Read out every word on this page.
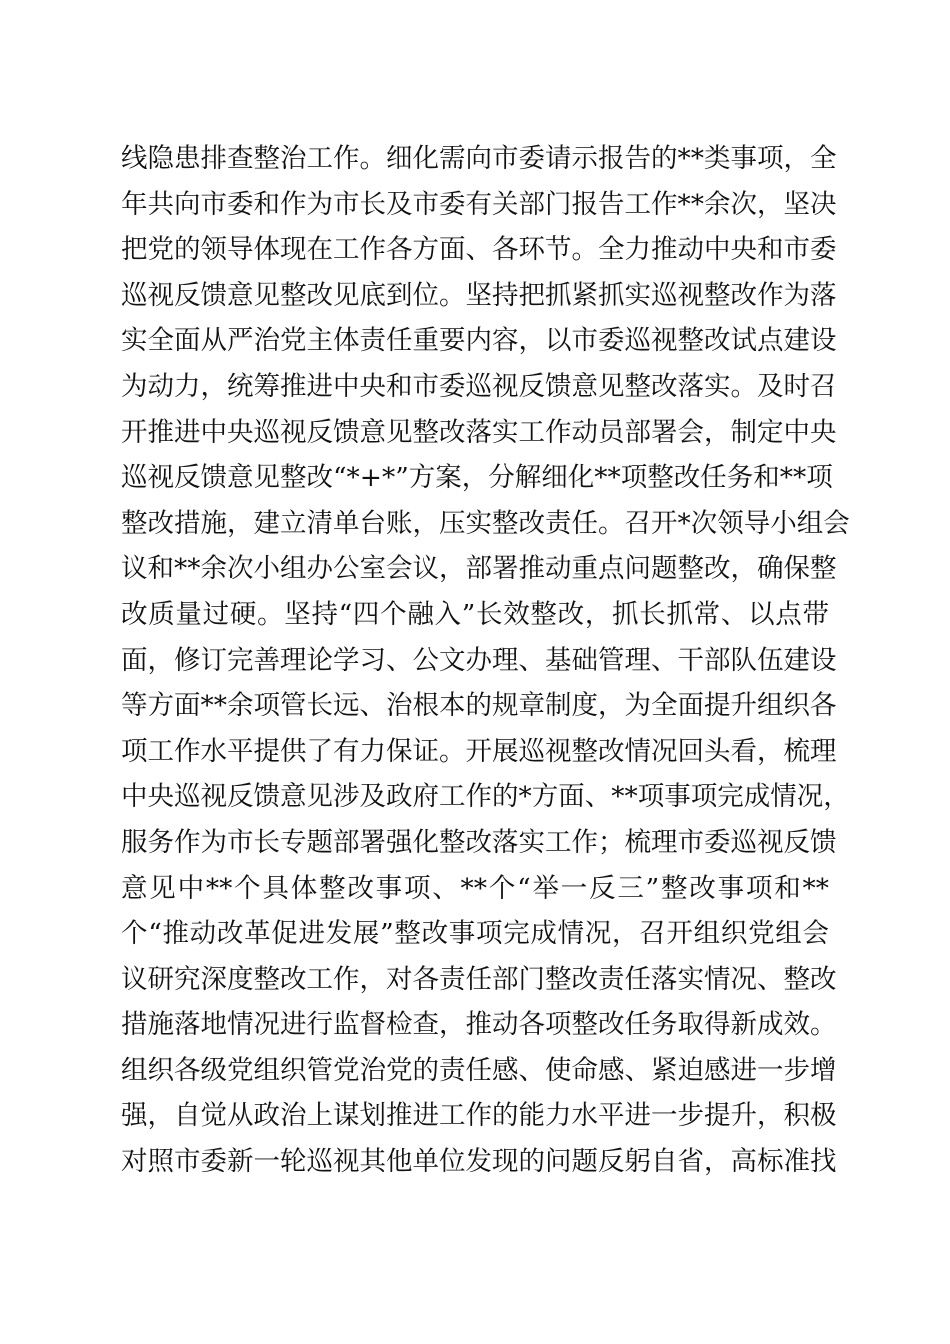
线隐患排查整治工作。细化需向市委请示报告的**类事项，全
年共向市委和作为市长及市委有关部门报告工作**余次，坚决
把党的领导体现在工作各方面、各环节。全力推动中央和市委
巡视反馈意见整改见底到位。坚持把抓紧抓实巡视整改作为落
实全面从严治党主体责任重要内容，以市委巡视整改试点建设
为动力，统筹推进中央和市委巡视反馈意见整改落实。及时召
开推进中央巡视反馈意见整改落实工作动员部署会，制定中央
巡视反馈意见整改“*+*”方案，分解细化**项整改任务和**项
整改措施，建立清单台账，压实整改责任。召开*次领导小组会
议和**余次小组办公室会议，部署推动重点问题整改，确保整
改质量过硬。坚持“四个融入”长效整改，抓长抓常、以点带
面，修订完善理论学习、公文办理、基础管理、干部队伍建设
等方面**余项管长远、治根本的规章制度，为全面提升组织各
项工作水平提供了有力保证。开展巡视整改情况回头看，梳理
中央巡视反馈意见涉及政府工作的*方面、**项事项完成情况，
服务作为市长专题部署强化整改落实工作；梳理市委巡视反馈
意见中**个具体整改事项、**个“举一反三”整改事项和**
个“推动改革促进发展”整改事项完成情况，召开组织党组会
议研究深度整改工作，对各责任部门整改责任落实情况、整改
措施落地情况进行监督检查，推动各项整改任务取得新成效。
组织各级党组织管党治党的责任感、使命感、紧迫感进一步增
强，自觉从政治上谋划推进工作的能力水平进一步提升，积极
对照市委新一轮巡视其他单位发现的问题反躬自省，高标准找
